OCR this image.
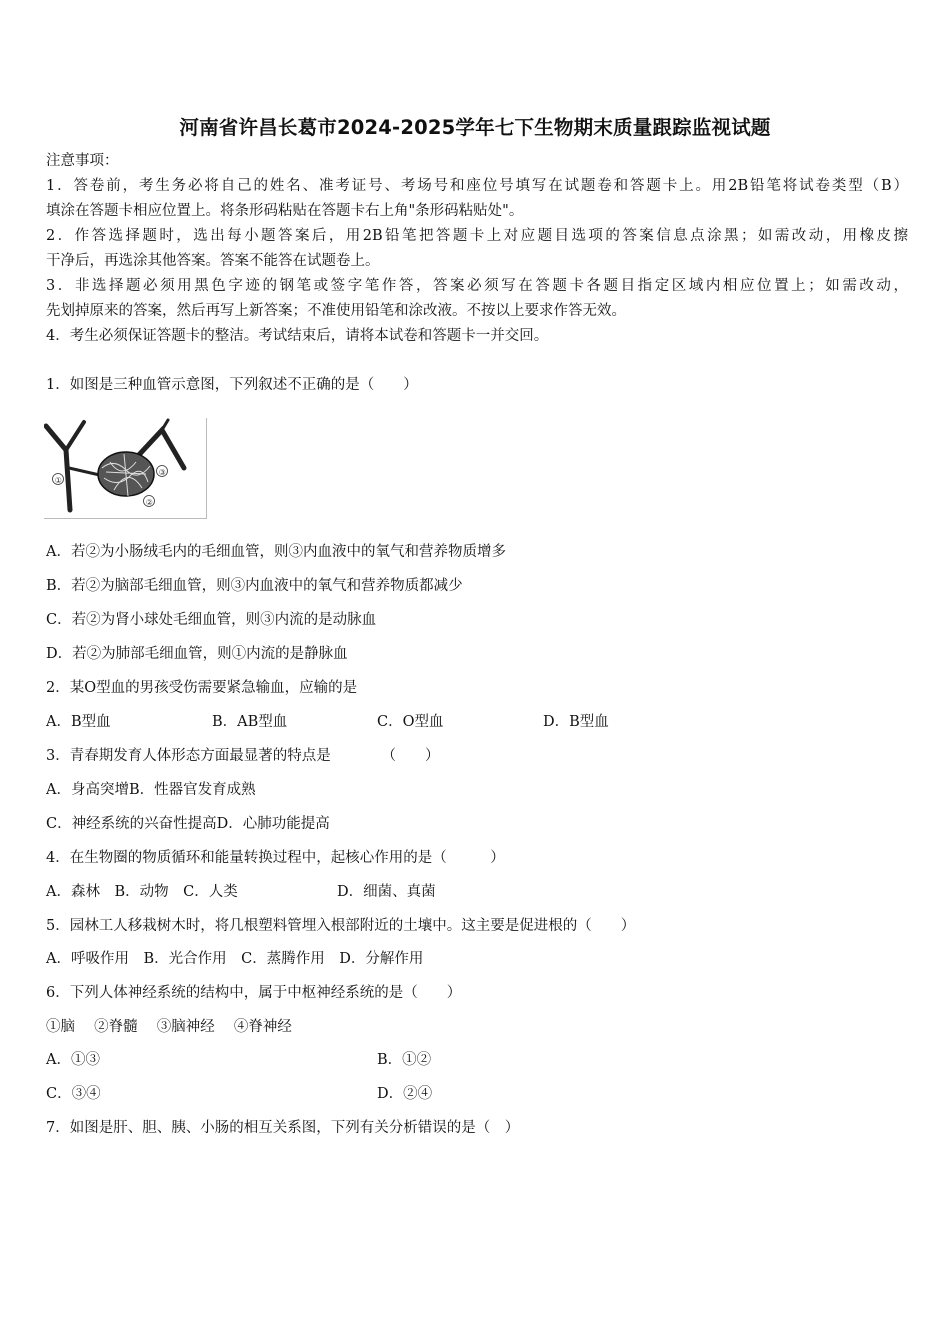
河南省许昌长葛市2024-2025学年七下生物期末质量跟踪监视试题
注意事项：
1．答卷前，考生务必将自己的姓名、准考证号、考场号和座位号填写在试题卷和答题卡上。用2B铅笔将试卷类型（B）
填涂在答题卡相应位置上。将条形码粘贴在答题卡右上角"条形码粘贴处"。
2．作答选择题时，选出每小题答案后，用2B铅笔把答题卡上对应题目选项的答案信息点涂黑；如需改动，用橡皮擦
干净后，再选涂其他答案。答案不能答在试题卷上。
3．非选择题必须用黑色字迹的钢笔或签字笔作答，答案必须写在答题卡各题目指定区域内相应位置上；如需改动，
先划掉原来的答案，然后再写上新答案；不准使用铅笔和涂改液。不按以上要求作答无效。
4．考生必须保证答题卡的整洁。考试结束后，请将本试卷和答题卡一并交回。
1．如图是三种血管示意图，下列叙述不正确的是（　　）
①
②
③
A．若②为小肠绒毛内的毛细血管，则③内血液中的氧气和营养物质增多
B．若②为脑部毛细血管，则③内血液中的氧气和营养物质都减少
C．若②为肾小球处毛细血管，则③内流的是动脉血
D．若②为肺部毛细血管，则①内流的是静脉血
2．某O型血的男孩受伤需要紧急输血，应输的是
A．B型血	B．AB型血	C．O型血	D．B型血
3．青春期发育人体形态方面最显著的特点是　　　　（　　）
A．身高突增B．性器官发育成熟
C．神经系统的兴奋性提高D．心肺功能提高
4．在生物圈的物质循环和能量转换过程中，起核心作用的是（　　　）
A．森林　B．动物　C．人类	D．细菌、真菌
5．园林工人移栽树木时，将几根塑料管埋入根部附近的土壤中。这主要是促进根的（　　）
A．呼吸作用　B．光合作用　C．蒸腾作用　D．分解作用
6．下列人体神经系统的结构中，属于中枢神经系统的是（　　）
①脑　 ②脊髓　 ③脑神经　 ④脊神经
A．①③	B．①②
C．③④	D．②④
7．如图是肝、胆、胰、小肠的相互关系图，下列有关分析错误的是（　）
